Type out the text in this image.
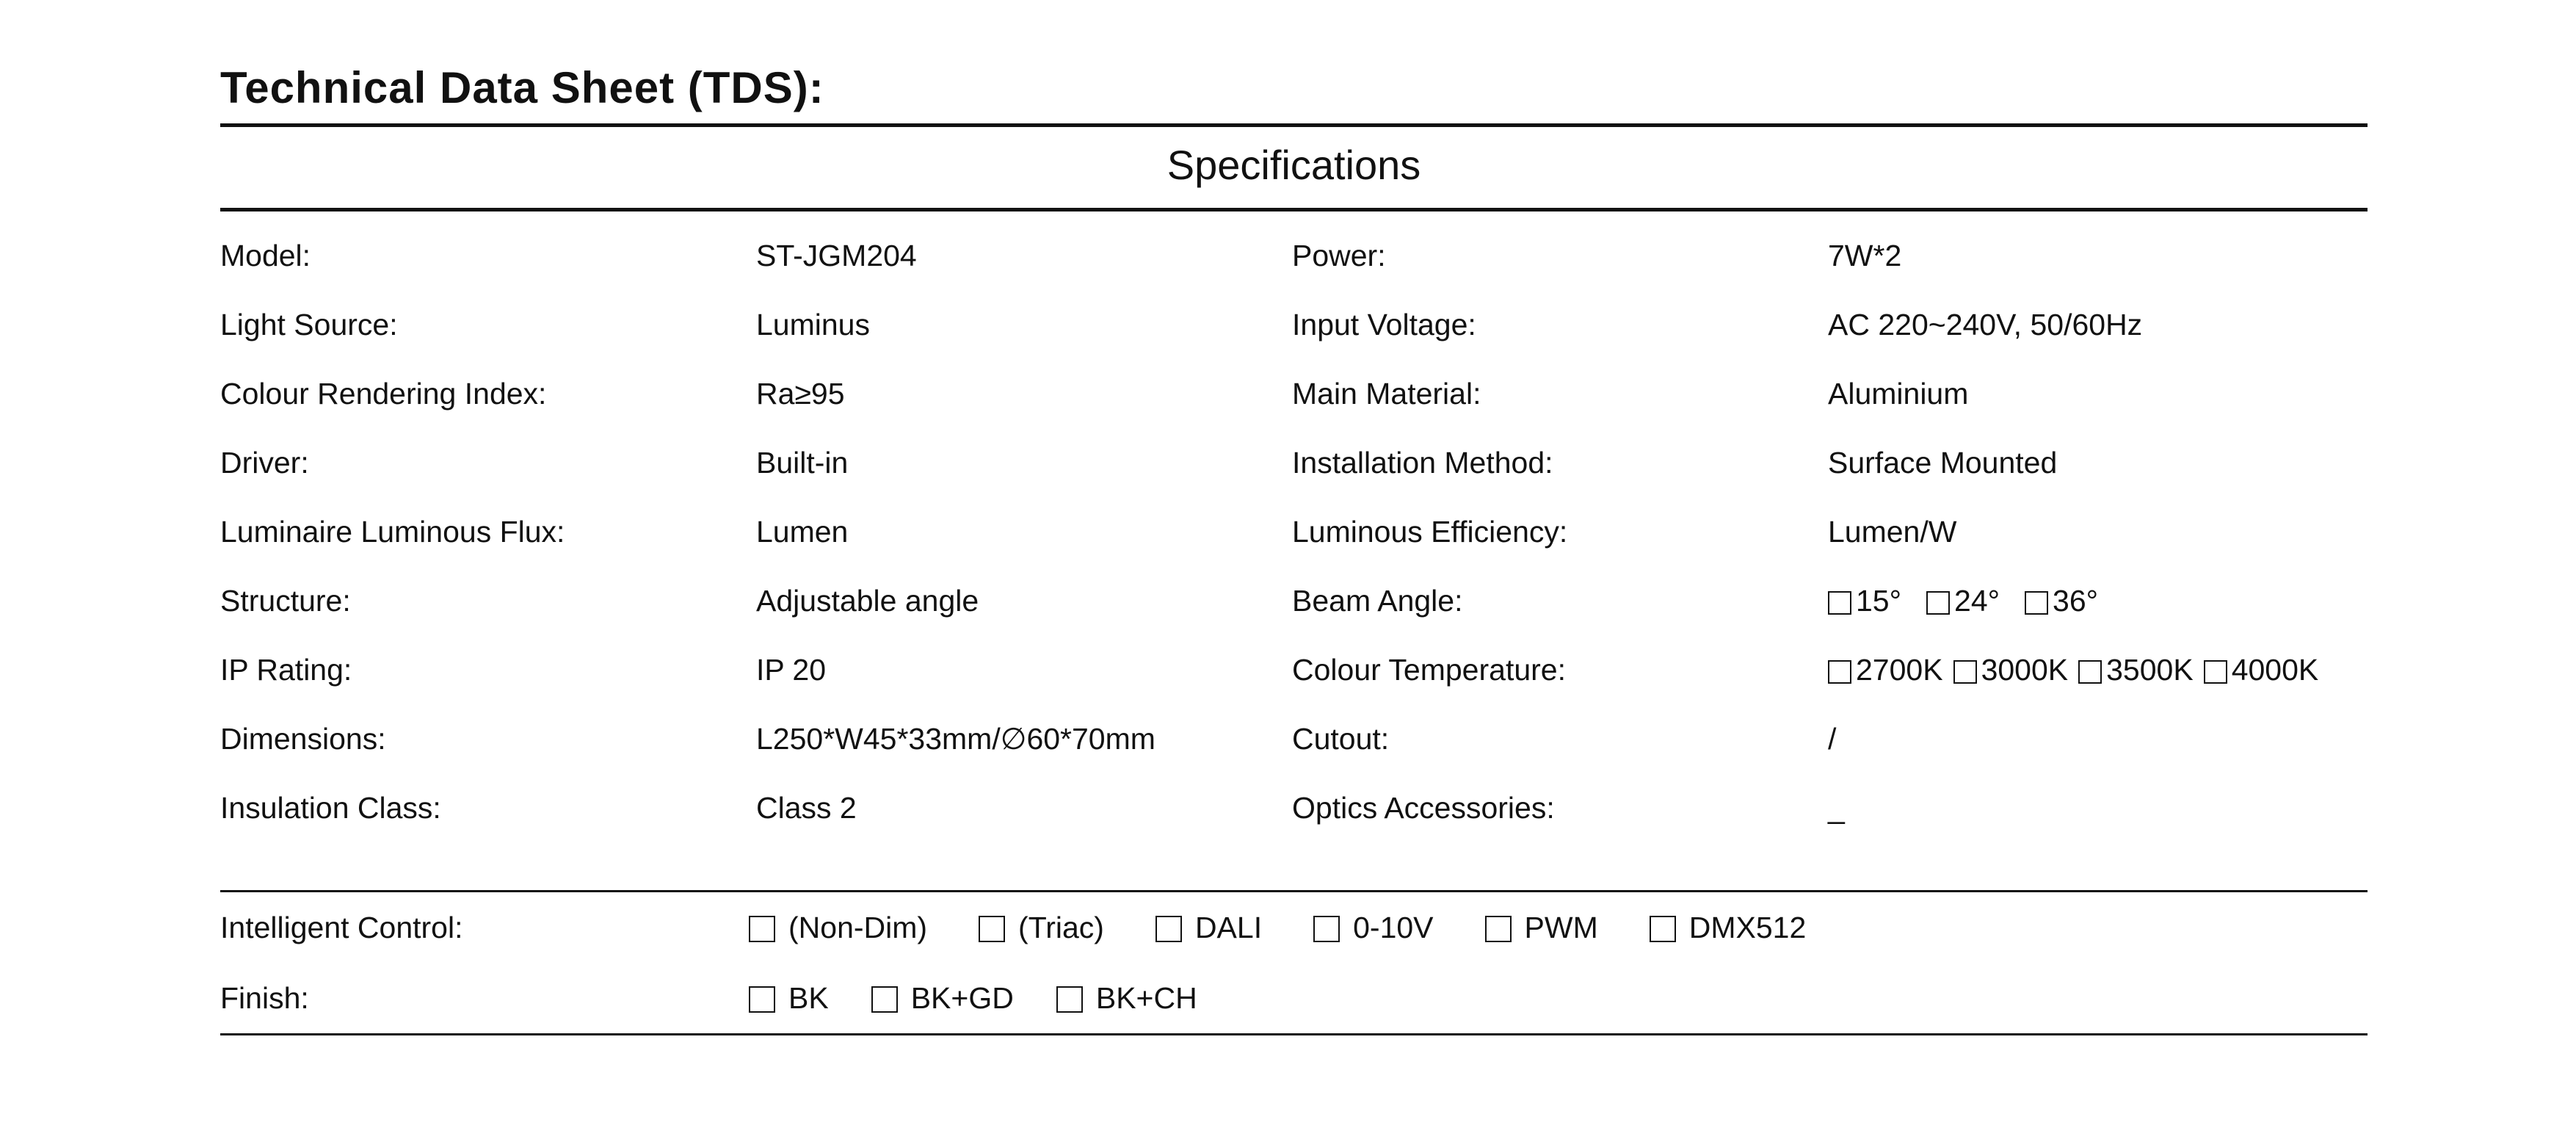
Technical Data Sheet (TDS):
Specifications
Model:	ST-JGM204	Power:	7W*2
Light Source:	Luminus	Input Voltage:	AC 220~240V, 50/60Hz
Colour Rendering Index:	Ra≥95	Main Material:	Aluminium
Driver:	Built-in	Installation Method:	Surface Mounted
Luminaire Luminous Flux:	Lumen	Luminous Efficiency:	Lumen/W
Structure:	Adjustable angle	Beam Angle:	15° 24° 36°
IP Rating:	IP 20	Colour Temperature:	2700K 3000K 3500K 4000K
Dimensions:	L250*W45*33mm/∅60*70mm	Cutout:	/
Insulation Class:	Class 2	Optics Accessories:	_
Intelligent Control:	(Non-Dim)	(Triac)	DALI	0-10V	PWM	DMX512
Finish:	BK	BK+GD	BK+CH
